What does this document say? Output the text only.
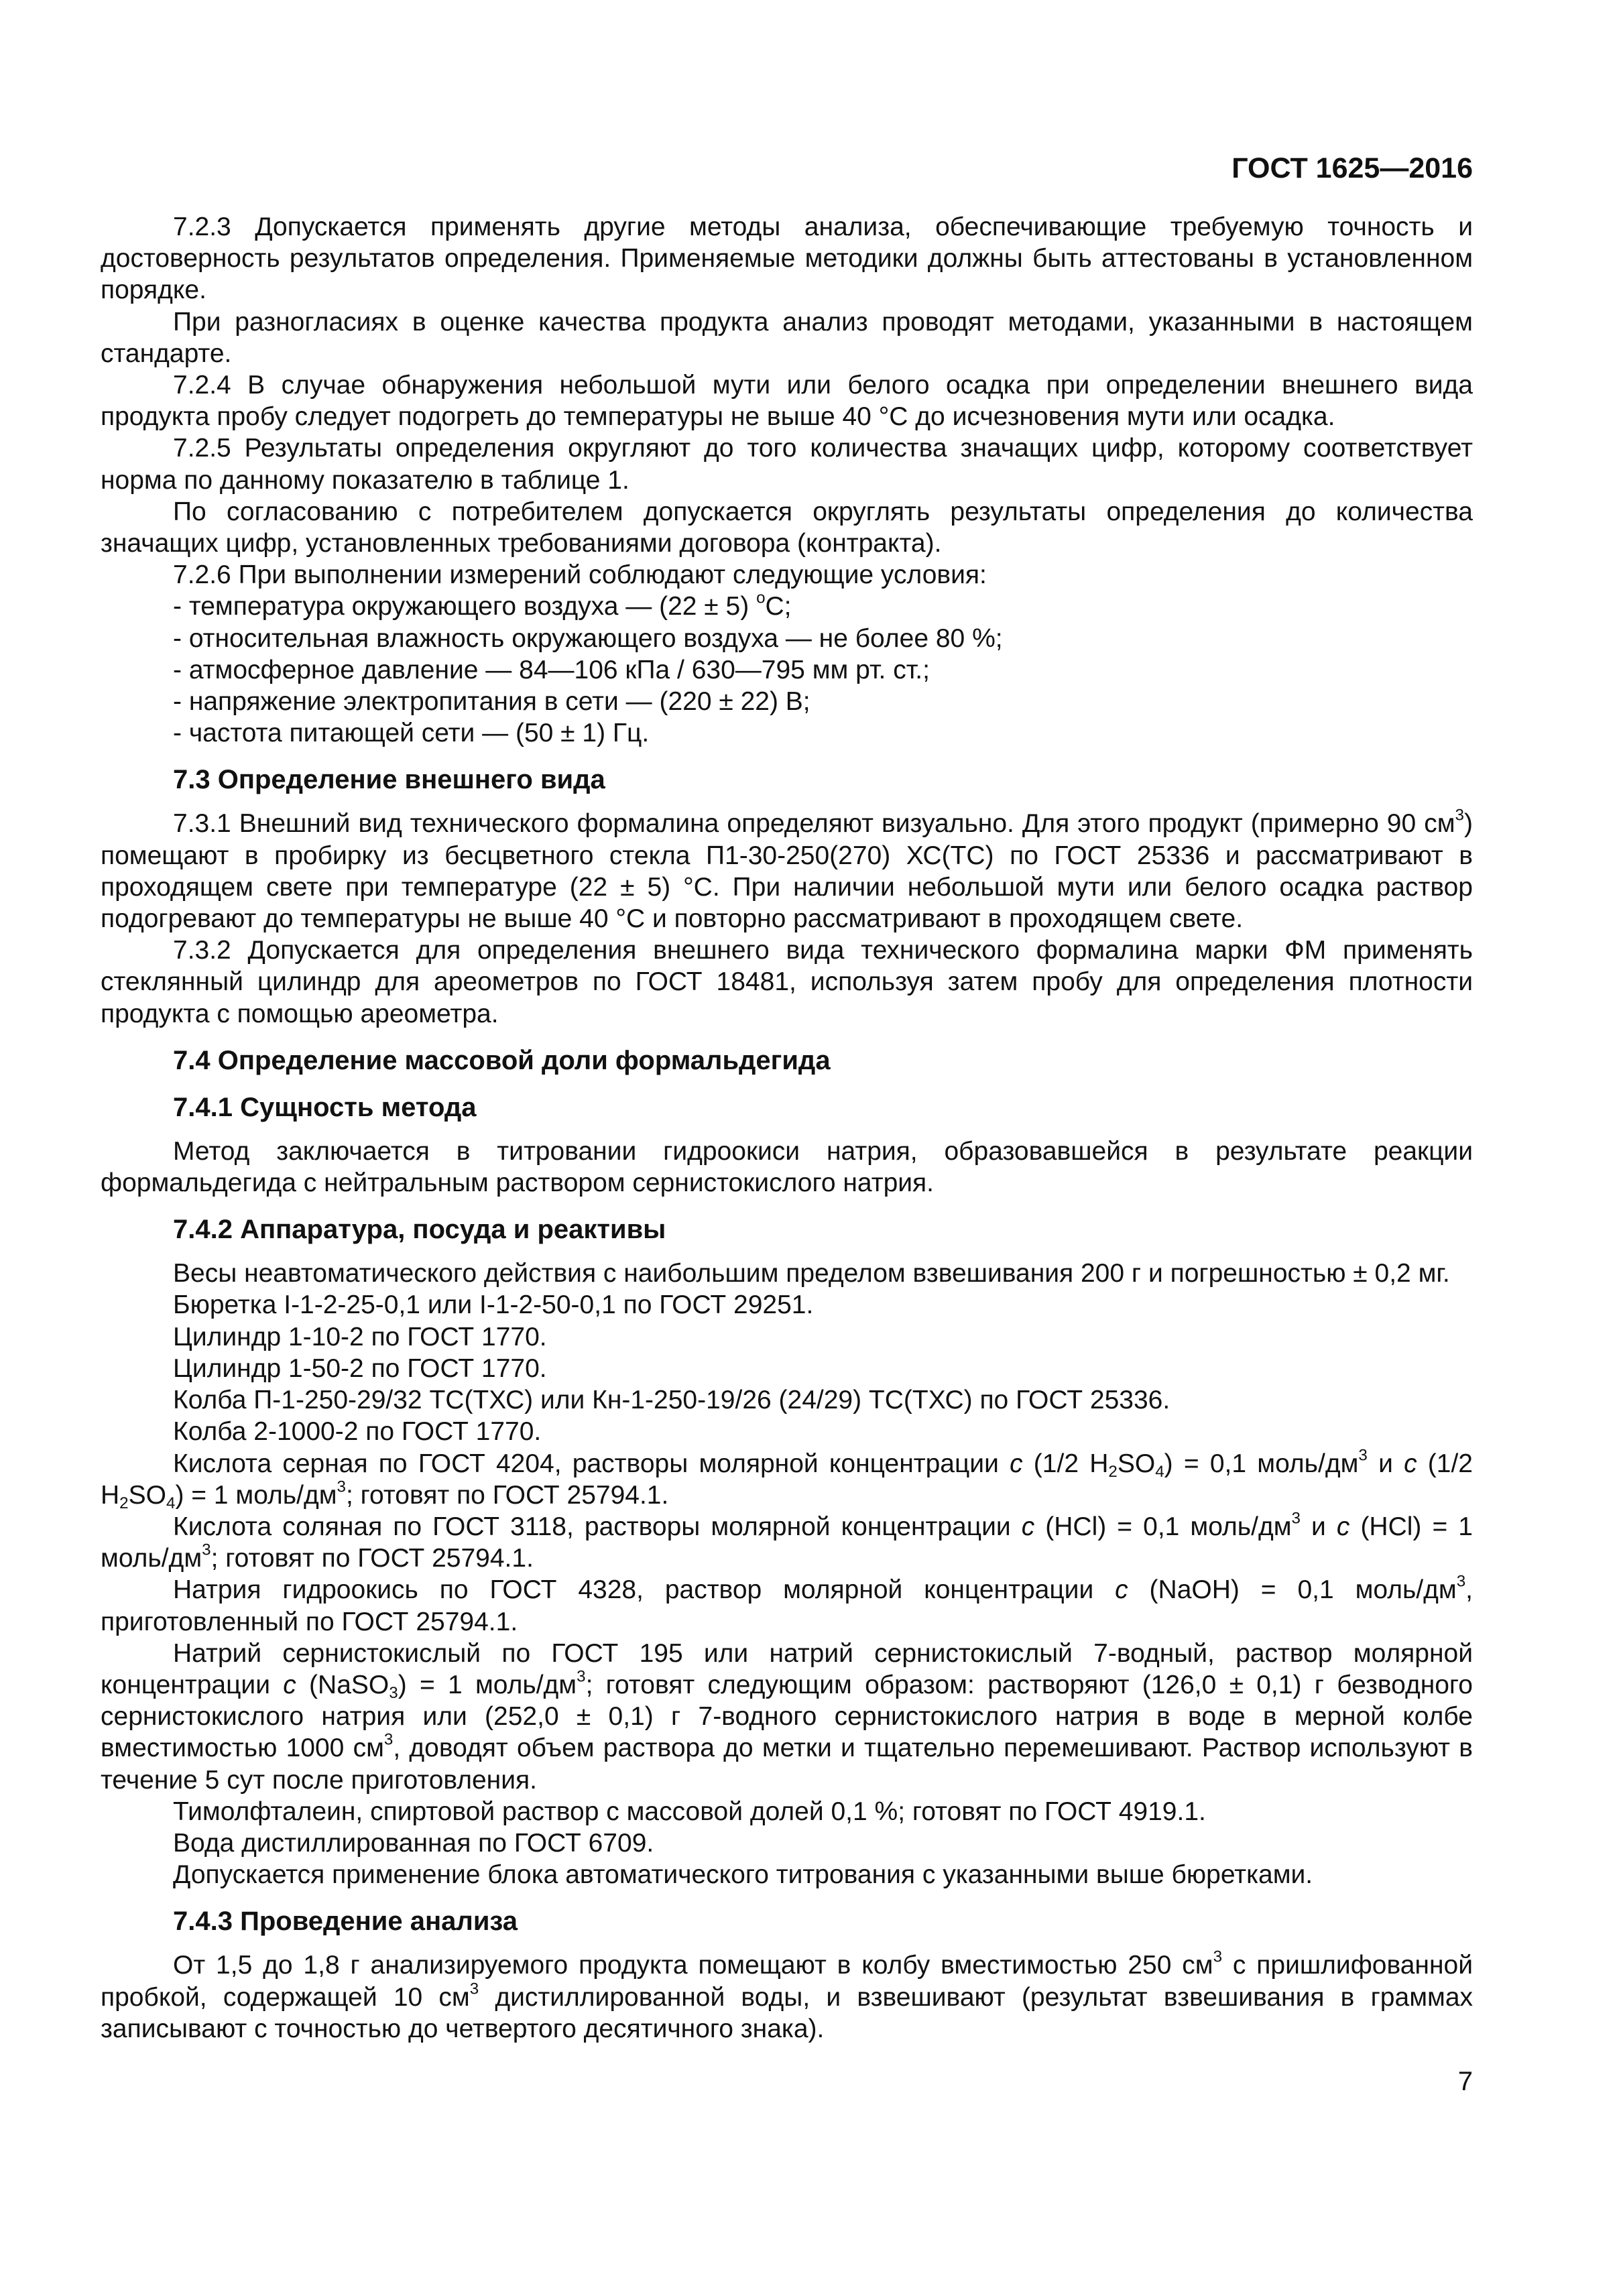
ГОСТ 1625—2016

7.2.3 Допускается применять другие методы анализа, обеспечивающие требуемую точность и достоверность результатов определения. Применяемые методики должны быть аттестованы в установленном порядке.

При разногласиях в оценке качества продукта анализ проводят методами, указанными в настоящем стандарте.

7.2.4 В случае обнаружения небольшой мути или белого осадка при определении внешнего вида продукта пробу следует подогреть до температуры не выше 40 °С до исчезновения мути или осадка.

7.2.5 Результаты определения округляют до того количества значащих цифр, которому соответствует норма по данному показателю в таблице 1.

По согласованию с потребителем допускается округлять результаты определения до количества значащих цифр, установленных требованиями договора (контракта).

7.2.6 При выполнении измерений соблюдают следующие условия:

- температура окружающего воздуха — (22 ± 5) $^о$С;

- относительная влажность окружающего воздуха — не более 80 %;

- атмосферное давление — 84—106 кПа / 630—795 мм рт. ст.;

- напряжение электропитания в сети — (220 ± 22) В;

- частота питающей сети — (50 ± 1) Гц.

7.3 Определение внешнего вида

7.3.1 Внешний вид технического формалина определяют визуально. Для этого продукт (примерно 90 $см^3$) помещают в пробирку из бесцветного стекла П1-30-250(270) ХС(ТС) по ГОСТ 25336 и рассматривают в проходящем свете при температуре (22 ± 5) °С. При наличии небольшой мути или белого осадка раствор подогревают до температуры не выше 40 °С и повторно рассматривают в проходящем свете.

7.3.2 Допускается для определения внешнего вида технического формалина марки ФМ применять стеклянный цилиндр для ареометров по ГОСТ 18481, используя затем пробу для определения плотности продукта с помощью ареометра.

7.4 Определение массовой доли формальдегида
7.4.1 Сущность метода

Метод заключается в титровании гидроокиси натрия, образовавшейся в результате реакции формальдегида с нейтральным раствором сернистокислого натрия.

7.4.2 Аппаратура, посуда и реактивы

Весы неавтоматического действия с наибольшим пределом взвешивания 200 г и погрешностью ± 0,2 мг.

Бюретка I-1-2-25-0,1 или I-1-2-50-0,1 по ГОСТ 29251.

Цилиндр 1-10-2 по ГОСТ 1770.

Цилиндр 1-50-2 по ГОСТ 1770.

Колба П-1-250-29/32 ТС(ТХС) или Кн-1-250-19/26 (24/29) ТС(ТХС) по ГОСТ 25336.

Колба 2-1000-2 по ГОСТ 1770.

Кислота серная по ГОСТ 4204, растворы молярной концентрации с (1/2 $H_2SO_4) = 0,1$ моль/$дм^3$ и с (1/2 $H_2SO_4) = 1$ моль/$дм^3$; готовят по ГОСТ 25794.1.

Кислота соляная по ГОСТ 3118, растворы молярной концентрации с (HCl) = 0,1 моль/$дм^3$ и с (HCl) = 1 моль/$дм^3$; готовят по ГОСТ 25794.1.

Натрия гидроокись по ГОСТ 4328, раствор молярной концентрации с (NaOH) = 0,1 моль/$дм^3$, приготовленный по ГОСТ 25794.1.

Натрий сернистокислый по ГОСТ 195 или натрий сернистокислый 7-водный, раствор молярной концентрации с (NaSO$_3$) = 1 моль/$дм^3$; готовят следующим образом: растворяют (126,0 ± 0,1) г безводного сернистокислого натрия или (252,0 ± 0,1) г 7-водного сернистокислого натрия в воде в мерной колбе вместимостью 1000 $см^3$, доводят объем раствора до метки и тщательно перемешивают. Раствор используют в течение 5 сут после приготовления.

Тимолфталеин, спиртовой раствор с массовой долей 0,1 %; готовят по ГОСТ 4919.1.

Вода дистиллированная по ГОСТ 6709.

Допускается применение блока автоматического титрования с указанными выше бюретками.

7.4.3 Проведение анализа

От 1,5 до 1,8 г анализируемого продукта помещают в колбу вместимостью 250 $см^3$ с пришлифованной пробкой, содержащей 10 $см^3$ дистиллированной воды, и взвешивают (результат взвешивания в граммах записывают с точностью до четвертого десятичного знака).

7
